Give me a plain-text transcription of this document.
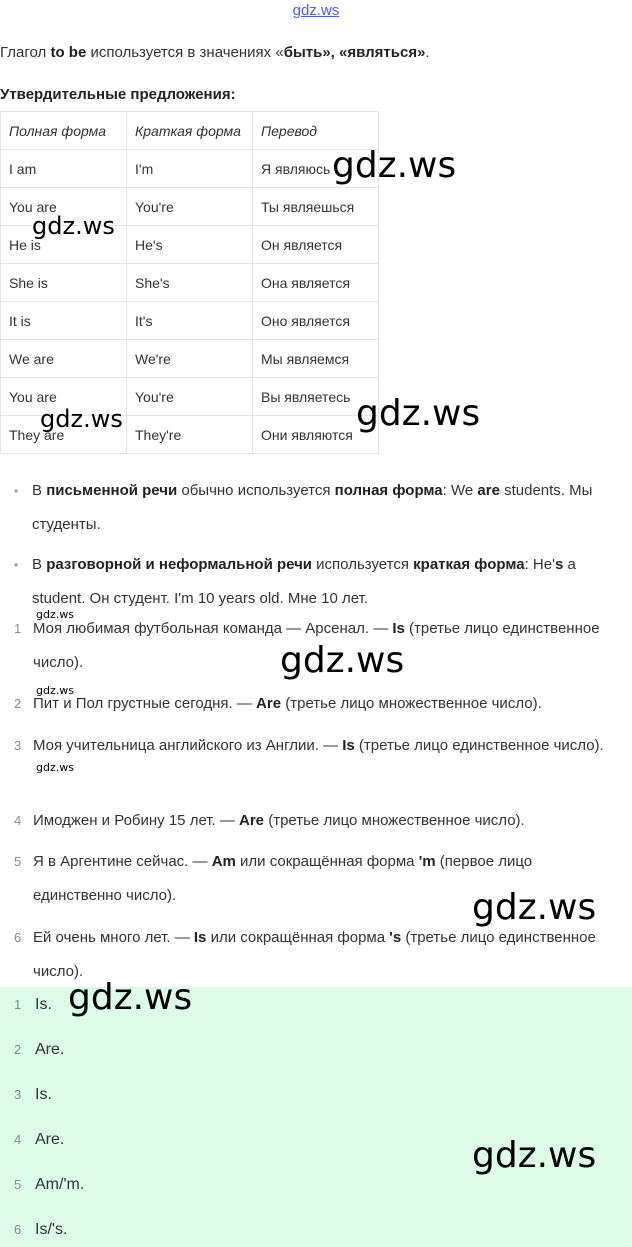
gdz.ws
Глагол to be используется в значениях «быть», «являться».
Утвердительные предложения:
Полная форма	Краткая форма	Перевод
I am	I'm	Я являюсь
You are	You're	Ты являешься
He is	He's	Он является
She is	She's	Она является
It is	It's	Оно является
We are	We're	Мы являемся
You are	You're	Вы являетесь
They are	They're	Они являются
• В письменной речи обычно используется полная форма: We are students. Мы студенты.
• В разговорной и неформальной речи используется краткая форма: He's a student. Он студент. I'm 10 years old. Мне 10 лет.
1 Моя любимая футбольная команда — Арсенал. — Is (третье лицо единственное число).
2 Пит и Пол грустные сегодня. — Are (третье лицо множественное число).
3 Моя учительница английского из Англии. — Is (третье лицо единственное число).
4 Имоджен и Робину 15 лет. — Are (третье лицо множественное число).
5 Я в Аргентине сейчас. — Am или сокращённая форма 'm (первое лицо единственно число).
6 Ей очень много лет. — Is или сокращённая форма 's (третье лицо единственное число).
1 Is.
2 Are.
3 Is.
4 Are.
5 Am/'m.
6 Is/'s.
gdz.ws
gdz.ws
gdz.ws	gdz.ws
gdz.ws
gdz.ws
gdz.ws
gdz.ws
gdz.ws
gdz.ws
gdz.ws
